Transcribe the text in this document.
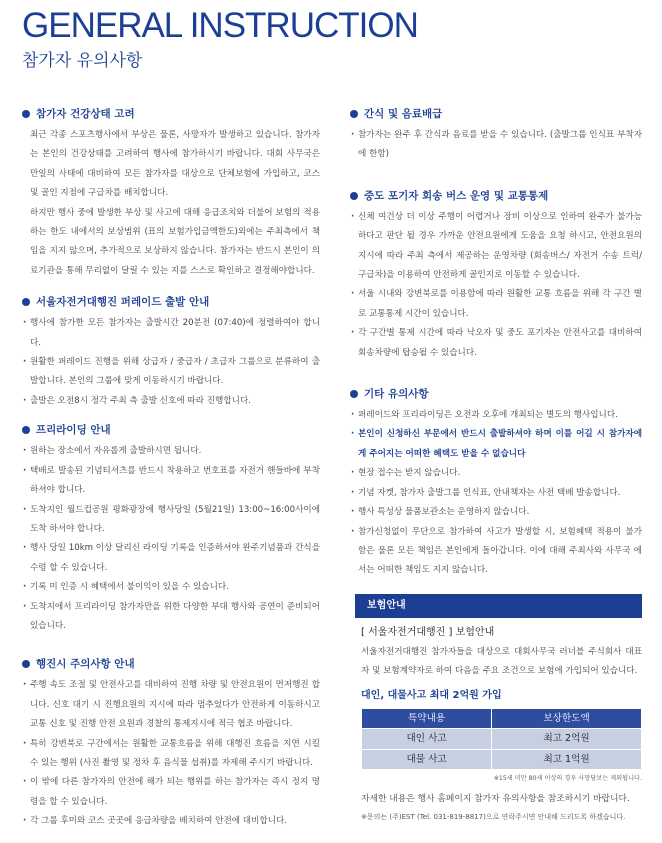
GENERAL INSTRUCTION
참가자 유의사항
참가자 건강상태 고려

최근 각종 스포츠행사에서 부상은 물론, 사망자가 발생하고 있습니다. 참가자는 본인의 건강상태를 고려하여 행사에 참가하시기 바랍니다. 대회 사무국은 만일의 사태에 대비하여 모든 참가자를 대상으로 단체보험에 가입하고, 코스 및 골인 지점에 구급차를 배치합니다.

하지만 행사 중에 발생한 부상 및 사고에 대해 응급조치와 더불어 보험의 적용 하는 한도 내에서의 보상범위 (표의 보험가입금액한도)외에는 주최측에서 책임을 지지 않으며, 추가적으로 보상하지 않습니다. 참가자는 반드시 본인이 의료기관을 통해 무리없이 달릴 수 있는 지를 스스로 확인하고 결정해야합니다.

서울자전거대행진 퍼레이드 출발 안내
· 행사에 참가한 모든 참가자는 출발시간 20분전 (07:40)에 정렬하여야 합니다.
· 원활한 퍼레이드 진행을 위해 상급자 / 중급자 / 초급자 그룹으로 분류하여 출발합니다. 본인의 그룹에 맞게 이동하시기 바랍니다.
· 출발은 오전8시 정각 주최 측 출발 신호에 따라 진행합니다.
프리라이딩 안내
· 원하는 장소에서 자유롭게 출발하시면 됩니다.
· 택배로 발송된 기념티셔츠를 반드시 착용하고 번호표를 자전거 핸들바에 부착 하셔야 합니다.
· 도착지인 월드컵공원 평화광장에 행사당일 (5월21일) 13:00~16:00사이에 도착 하셔야 합니다.
· 행사 당일 10km 이상 달리신 라이딩 기록을 인증하셔야 완주기념품과 간식을 수령 할 수 있습니다.
· 기록 미 인증 시 혜택에서 불이익이 있을 수 있습니다.
· 도착지에서 프리라이딩 참가자만을 위한 다양한 부대 행사와 공연이 준비되어 있습니다.
행진시 주의사항 안내
· 주행 속도 조절 및 안전사고를 대비하여 진행 차량 및 안전요원이 먼저행진 합니다. 신호 대기 시 진행요원의 지시에 따라 멈추었다가 안전하게 이동하시고 교통 신호 및 진행 안전 요원과 경찰의 통제지시에 적극 협조 바랍니다.
· 특히 강변북로 구간에서는 원활한 교통흐름을 위해 대행진 흐름을 지연 시킬 수 있는 행위 (사진 촬영 및 정차 후 음식물 섭취)를 자제해 주시기 바랍니다.
· 이 밖에 다른 참가자의 안전에 해가 되는 행위를 하는 참가자는 즉시 정지 명령을 할 수 있습니다.
· 각 그룹 후미와 코스 곳곳에 응급차량을 배치하여 안전에 대비합니다.
간식 및 음료배급
· 참가자는 완주 후 간식과 음료를 받을 수 있습니다. (출발그룹 인식표 부착자에 한함)
중도 포기자 회송 버스 운영 및 교통통제
· 신체 여건상 더 이상 주행이 어렵거나 장비 이상으로 인하여 완주가 불가능 하다고 판단 될 경우 가까운 안전요원에게 도움을 요청 하시고, 안전요원의 지시에 따라 주최 측에서 제공하는 운영차량 (회송버스/ 자전거 수송 트럭/ 구급차)을 이용하여 안전하게 골인지로 이동할 수 있습니다.
· 서울 시내와 강변북로를 이용함에 따라 원활한 교통 흐름을 위해 각 구간 별로 교통통제 시간이 있습니다.
· 각 구간별 통제 시간에 따라 낙오자 및 중도 포기자는 안전사고를 대비하여 회송차량에 탑승될 수 있습니다.
기타 유의사항
· 퍼레이드와 프리라이딩은 오전과 오후에 개최되는 별도의 행사입니다.
· 본인이 신청하신 부문에서 반드시 출발하셔야 하며 이를 어길 시 참가자에게 주어지는 어떠한 혜택도 받을 수 없습니다
· 현장 접수는 받지 않습니다.
· 기념 자켓, 참가자 출발그룹 인식표, 안내책자는 사전 택배 발송합니다.
· 행사 특성상 물품보관소는 운영하지 않습니다.
· 참가신청없이 무단으로 참가하여 사고가 발생할 시, 보험혜택 적용이 불가 함은 물론 모든 책임은 본인에게 돌아갑니다. 이에 대해 주최사와 사무국 에서는 어떠한 책임도 지지 않습니다.
보험안내
[ 서울자전거대행진 ] 보험안내
서울자전거대행진 참가자들을 대상으로 대회사무국 러너블 주식회사 대표자 및 보험계약자로 하여 다음을 주요 조건으로 보험에 가입되어 있습니다.
대인, 대물사고 최대 2억원 가입
특약내용	보상한도액
대인 사고	최고 2억원
대물 사고	최고 1억원
※15세 미만 80세 이상의 경우 사망담보는 제외됩니다.
자세한 내용은 행사 홈페이지 참가자 유의사항을 참조하시기 바랍니다.
※문의는 (주)EST (Tel. 031-819-8817)으로 연락주시면 안내해 드리도록 하겠습니다.
